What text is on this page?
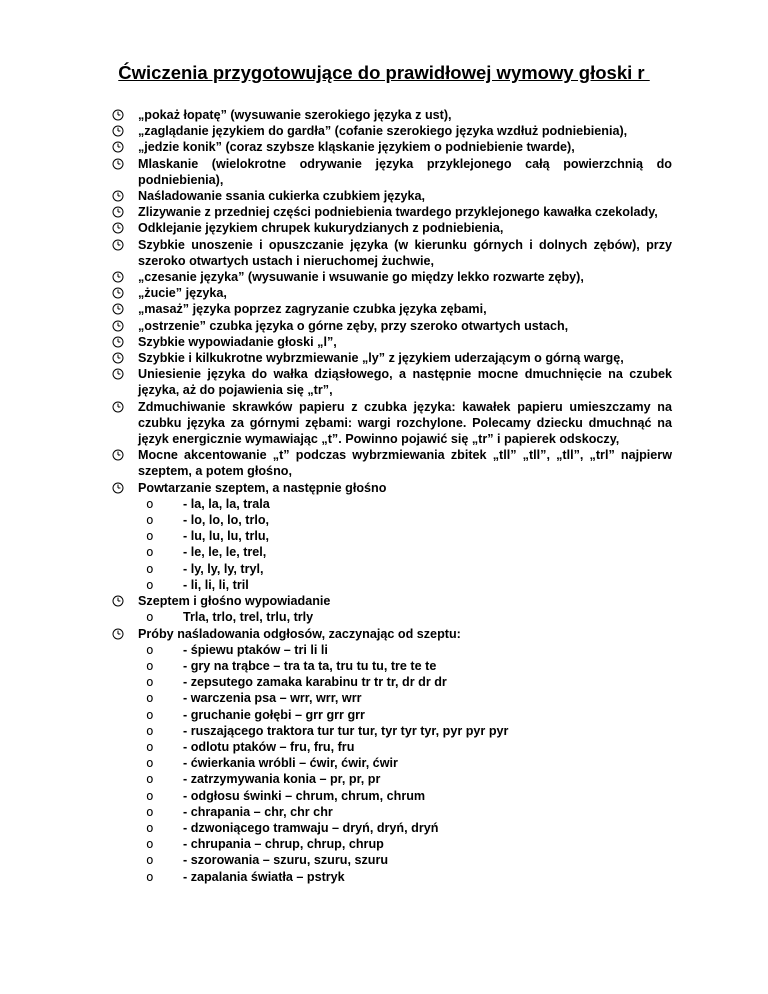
Ćwiczenia przygotowujące do prawidłowej wymowy głoski r
„pokaż łopatę” (wysuwanie szerokiego języka z ust),
„zaglądanie językiem do gardła” (cofanie szerokiego języka wzdłuż podniebienia),
„jedzie konik” (coraz szybsze kląskanie językiem o podniebienie twarde),
Mlaskanie (wielokrotne odrywanie języka przyklejonego całą powierzchnią do podniebienia),
Naśladowanie ssania cukierka czubkiem języka,
Zlizywanie z przedniej części podniebienia twardego przyklejonego kawałka czekolady,
Odklejanie językiem chrupek kukurydzianych z podniebienia,
Szybkie unoszenie i opuszczanie języka (w kierunku górnych i dolnych zębów), przy szeroko otwartych ustach i nieruchomej żuchwie,
„czesanie języka” (wysuwanie i wsuwanie go między lekko rozwarte zęby),
„żucie” języka,
„masaż” języka poprzez zagryzanie czubka języka zębami,
„ostrzenie” czubka języka o górne zęby, przy szeroko otwartych ustach,
Szybkie wypowiadanie głoski „l”,
Szybkie i kilkukrotne wybrzmiewanie „ly” z językiem uderzającym o górną wargę,
Uniesienie języka do wałka dziąsłowego, a następnie mocne dmuchnięcie na czubek języka, aż do pojawienia się „tr”,
Zdmuchiwanie skrawków papieru z czubka języka: kawałek papieru umieszczamy na czubku języka za górnymi zębami: wargi rozchylone. Polecamy dziecku dmuchnąć na język energicznie wymawiając „t”. Powinno pojawić się „tr” i papierek odskoczy,
Mocne akcentowanie „t” podczas wybrzmiewania zbitek „tll” „tll”, „tll”, „trl” najpierw szeptem, a potem głośno,
Powtarzanie szeptem, a następnie głośno
o - la, la, la, trala
o - lo, lo, lo, trlo,
o - lu, lu, lu, trlu,
o - le, le, le, trel,
o - ly, ly, ly, tryl,
o - li, li, li, tril
Szeptem i głośno wypowiadanie
o Trla, trlo, trel, trlu, trly
Próby naśladowania odgłosów, zaczynając od szeptu:
o - śpiewu ptaków – tri li li
o - gry na trąbce – tra ta ta, tru tu tu, tre te te
o - zepsutego zamaka karabinu tr tr tr, dr dr dr
o - warczenia psa – wrr, wrr, wrr
o - gruchanie gołębi – grr grr grr
o - ruszającego traktora tur tur tur, tyr tyr tyr, pyr pyr pyr
o - odlotu ptaków – fru, fru, fru
o - ćwierkania wróbli – ćwir, ćwir, ćwir
o - zatrzymywania konia – pr, pr, pr
o - odgłosu świnki – chrum, chrum, chrum
o - chrapania – chr, chr chr
o - dzwoniącego tramwaju – dryń, dryń, dryń
o - chrupania – chrup, chrup, chrup
o - szorowania – szuru, szuru, szuru
o - zapalania światła – pstryk
